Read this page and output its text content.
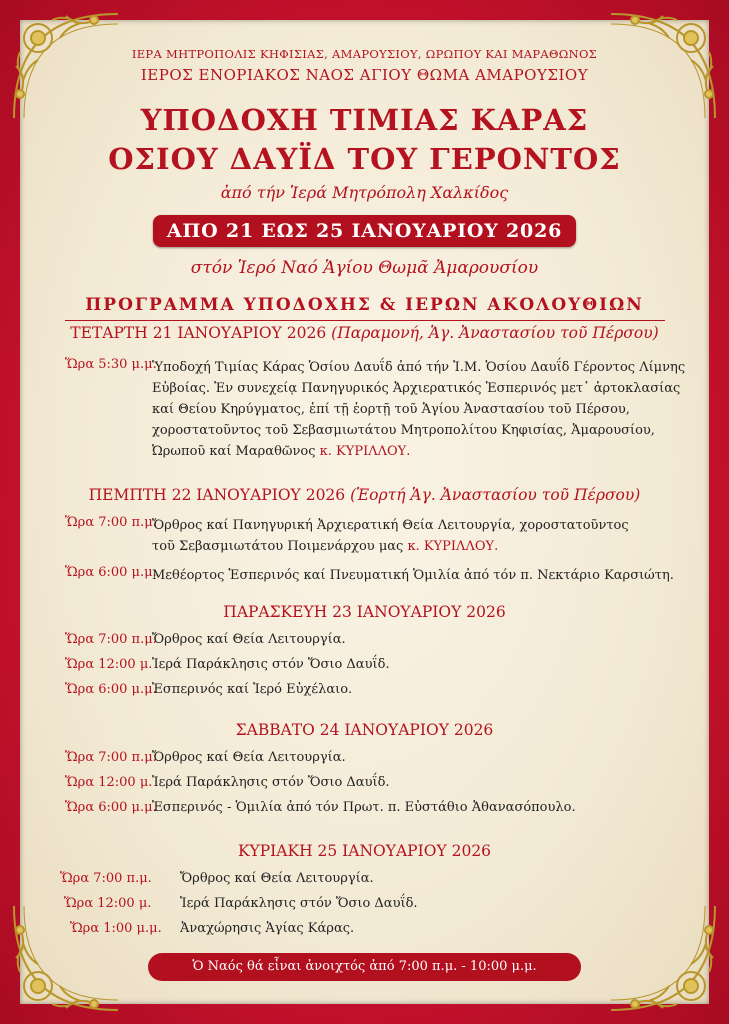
ΙΕΡΑ ΜΗΤΡΟΠΟΛΙΣ ΚΗΦΙΣΙΑΣ, ΑΜΑΡΟΥΣΙΟΥ, ΩΡΩΠΟΥ ΚΑΙ ΜΑΡΑΘΩΝΟΣ
ΙΕΡΟΣ ΕΝΟΡΙΑΚΟΣ ΝΑΟΣ ΑΓΙΟΥ ΘΩΜΑ ΑΜΑΡΟΥΣΙΟΥ
ΥΠΟΔΟΧΗ ΤΙΜΙΑΣ ΚΑΡΑΣ
ΟΣΙΟΥ ΔΑΥΪΔ ΤΟΥ ΓΕΡΟΝΤΟΣ
ἀπό τήν Ἱερά Μητρόπολη Χαλκίδος
ΑΠΟ 21 ΕΩΣ 25 ΙΑΝΟΥΑΡΙΟΥ 2026
στόν Ἱερό Ναό Ἁγίου Θωμᾶ Ἀμαρουσίου
ΠΡΟΓΡΑΜΜΑ ΥΠΟΔΟΧΗΣ & ΙΕΡΩΝ ΑΚΟΛΟΥΘΙΩΝ
ΤΕΤΑΡΤΗ 21 ΙΑΝΟΥΑΡΙΟΥ 2026 (Παραμονή, Ἁγ. Ἀναστασίου τοῦ Πέρσου)
Ὥρα 5:30 μ.μ.
Ὑποδοχή Τιμίας Κάρας Ὁσίου Δαυΐδ ἀπό τήν Ἱ.Μ. Ὁσίου Δαυΐδ Γέροντος Λίμνης
Εὐβοίας. Ἐν συνεχείᾳ Πανηγυρικός Ἀρχιερατικός Ἑσπερινός μετ᾽ ἀρτοκλασίας
καί Θείου Κηρύγματος, ἐπί τῇ ἑορτῇ τοῦ Ἁγίου Ἀναστασίου τοῦ Πέρσου,
χοροστατοῦντος τοῦ Σεβασμιωτάτου Μητροπολίτου Κηφισίας, Ἀμαρουσίου,
Ὠρωποῦ καί Μαραθῶνος κ. ΚΥΡΙΛΛΟΥ.
ΠΕΜΠΤΗ 22 ΙΑΝΟΥΑΡΙΟΥ 2026 (Ἑορτή Ἁγ. Ἀναστασίου τοῦ Πέρσου)
Ὥρα 7:00 π.μ.
Ὄρθρος καί Πανηγυρική Ἀρχιερατική Θεία Λειτουργία, χοροστατοῦντος
τοῦ Σεβασμιωτάτου Ποιμενάρχου μας κ. ΚΥΡΙΛΛΟΥ.
Ὥρα 6:00 μ.μ.
Μεθέορτος Ἑσπερινός καί Πνευματική Ὁμιλία ἀπό τόν π. Νεκτάριο Καρσιώτη.
ΠΑΡΑΣΚΕΥΗ 23 ΙΑΝΟΥΑΡΙΟΥ 2026
Ὥρα 7:00 π.μ.
Ὄρθρος καί Θεία Λειτουργία.
Ὥρα 12:00 μ. Ἱερά Παράκλησις στόν Ὅσιο Δαυΐδ.
Ὥρα 6:00 μ.μ.
Ἑσπερινός καί Ἱερό Εὐχέλαιο.
ΣΑΒΒΑΤΟ 24 ΙΑΝΟΥΑΡΙΟΥ 2026
Ὥρα 7:00 π.μ.
Ὄρθρος καί Θεία Λειτουργία.
Ὥρα 12:00 μ. Ἱερά Παράκλησις στόν Ὅσιο Δαυΐδ.
Ὥρα 6:00 μ.μ.
Ἑσπερινός - Ὁμιλία ἀπό τόν Πρωτ. π. Εὐστάθιο Ἀθανασόπουλο.
ΚΥΡΙΑΚΗ 25 ΙΑΝΟΥΑΡΙΟΥ 2026
Ὥρα 7:00 π.μ. Ὄρθρος καί Θεία Λειτουργία.
Ὥρα 12:00 μ. Ἱερά Παράκλησις στόν Ὅσιο Δαυΐδ.
Ὥρα 1:00 μ.μ. Ἀναχώρησις Ἁγίας Κάρας.
Ὁ Ναός θά εἶναι ἀνοιχτός ἀπό 7:00 π.μ. - 10:00 μ.μ.
